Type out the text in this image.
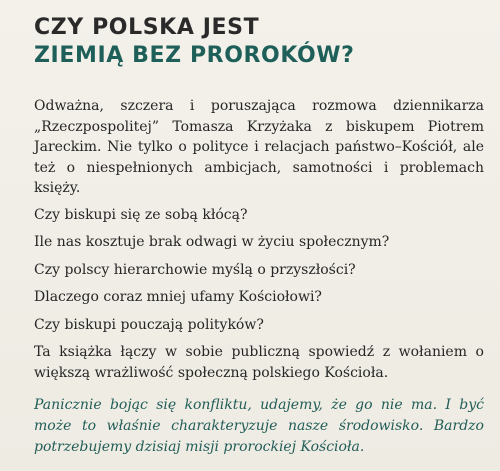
CZY POLSKA JEST
ZIEMIĄ BEZ PROROKÓW?

Odważna, szczera i poruszająca rozmowa dziennikarza „Rzeczpospolitej” Tomasza Krzyżaka z biskupem Piotrem Jareckim. Nie tylko o polityce i relacjach państwo–Kościół, ale też o niespełnionych ambicjach, samotności i problemach księży.

Czy biskupi się ze sobą kłócą?

Ile nas kosztuje brak odwagi w życiu społecznym?

Czy polscy hierarchowie myślą o przyszłości?

Dlaczego coraz mniej ufamy Kościołowi?

Czy biskupi pouczają polityków?

Ta książka łączy w sobie publiczną spowiedź z wołaniem o większą wrażliwość społeczną polskiego Kościoła.

Panicznie bojąc się konfliktu, udajemy, że go nie ma. I być może to właśnie charakteryzuje nasze środowisko. Bardzo potrzebujemy dzisiaj misji prorockiej Kościoła.
